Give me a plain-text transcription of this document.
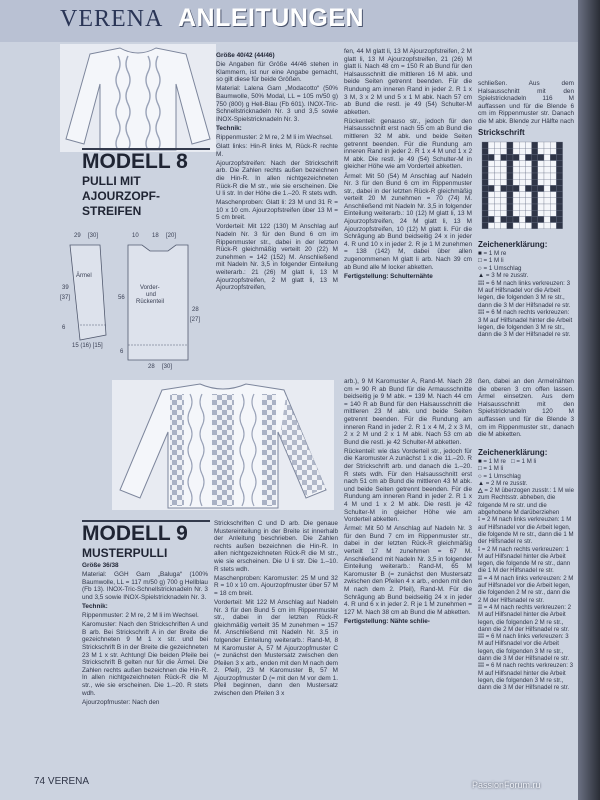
VERENA ANLEITUNGEN
MODELL 8
PULLI MIT
AJOURZOPF-
STREIFEN
29 [30]	10 18 [20]
Ärmel
39
[37]
6
15 (16) [15]
Vorder-
und
Rückenteil
56
28
[27]
6
28 [30]

Größe 40/42 (44/46)

Die Angaben für Größe 44/46 stehen in Klammern, ist nur eine Angabe gemacht, so gilt diese für beide Größen.

Material: Lalena Garn „Modacotto“ (50% Baumwolle, 50% Modal, LL = 105 m/50 g) 750 (800) g Hell-Blau (Fb 601). INOX-Tric-Schnellstricknadeln Nr. 3 und 3,5 sowie INOX-Spielstricknadeln Nr. 3.

Technik:

Rippenmuster: 2 M re, 2 M li im Wechsel.

Glatt links: Hin-R links M, Rück-R rechte M.

Ajourzopfstreifen: Nach der Strickschrift arb. Die Zahlen rechts außen bezeichnen die Hin-R. In allen nichtgezeichneten Rück-R die M str., wie sie erscheinen. Die U li str. In der Höhe die 1.–20. R stets wdh.

Maschenproben: Glatt li: 23 M und 31 R = 10 x 10 cm. Ajourzopfstreifen über 13 M = 5 cm breit.

Vorderteil: Mit 122 (130) M Anschlag auf Nadeln Nr. 3 für den Bund 6 cm im Rippenmuster str., dabei in der letzten Rück-R gleichmäßig verteilt 20 (22) M zunehmen = 142 (152) M. Anschließend mit Nadeln Nr. 3,5 in folgender Einteilung weiterarb.: 21 (26) M glatt li, 13 M Ajourzopfstreifen, 2 M glatt li, 13 M Ajourzopfstreifen,

fen, 44 M glatt li, 13 M Ajourzopfstreifen, 2 M glatt li, 13 M Ajourzopfstreifen, 21 (26) M glatt li. Nach 48 cm = 150 R ab Bund für den Halsausschnitt die mittleren 16 M abk. und beide Seiten getrennt beenden. Für die Rundung am inneren Rand in jeder 2. R 1 x 3 M, 3 x 2 M und 5 x 1 M abk. Nach 57 cm ab Bund die restl. je 49 (54) Schulter-M abketten.

Rückenteil: genauso str., jedoch für den Halsausschnitt erst nach 55 cm ab Bund die mittleren 32 M abk. und beide Seiten getrennt beenden. Für die Rundung am inneren Rand in jeder 2. R 1 x 4 M und 1 x 2 M abk. Die restl. je 49 (54) Schulter-M in gleicher Höhe wie am Vorderteil abketten.

Ärmel: Mit 50 (54) M Anschlag auf Nadeln Nr. 3 für den Bund 6 cm im Rippenmuster str., dabei in der letzten Rück-R gleichmäßig verteilt 20 M zunehmen = 70 (74) M. Anschließend mit Nadeln Nr. 3,5 in folgender Einteilung weiterarb.: 10 (12) M glatt li, 13 M Ajourzopfstreifen, 24 M glatt li, 13 M Ajourzopfstreifen, 10 (12) M glatt li. Für die Schrägung ab Bund beidseitig 24 x in jeder 4. R und 10 x in jeder 2. R je 1 M zunehmen = 138 (142) M, dabei über allen zugenommenen M glatt li arb. Nach 39 cm ab Bund alle M locker abketten.

Fertigstellung: Schulternähte

schließen. Aus dem Halsausschnitt mit den Spielstricknadeln 116 M auffassen und für die Blende 6 cm im Rippenmuster str. Danach die M abk. Blende zur Hälfte nach

Strickschrift
Zeichenerklärung:
■ = 1 M re
□ = 1 M li
○ = 1 Umschlag
▲ = 3 M re zusstr.
⁞⁞⁞ = 6 M nach links verkreuzen: 3 M auf Hilfsnadel vor die Arbeit legen, die folgenden 3 M re str., dann die 3 M der Hilfsnadel re str.
⁞⁞⁞ = 6 M nach rechts verkreuzen: 3 M auf Hilfsnadel hinter die Arbeit legen, die folgenden 3 M re str., dann die 3 M der Hilfsnadel re str.
MODELL 9
MUSTERPULLI

Größe 36/38

Material: GGH Garn „Baluga“ (100% Baumwolle, LL = 117 m/50 g) 700 g Hellblau (Fb 13). INOX-Tric-Schnellstricknadeln Nr. 3 und 3,5 sowie INOX-Spielstricknadeln Nr. 3.

Technik:

Rippenmuster: 2 M re, 2 M li im Wechsel.

Karomuster: Nach den Strickschriften A und B arb. Bei Strickschrift A in der Breite die gezeichneten 9 M 1 x str. und bei Strickschrift B in der Breite die gezeichneten 23 M 1 x str. Achtung! Die beiden Pfeile bei Strickschrift B gelten nur für die Ärmel. Die Zahlen rechts außen bezeichnen die Hin-R. In allen nichtgezeichneten Rück-R die M str., wie sie erscheinen. Die 1.–20. R stets wdh.

Ajourzopfmuster: Nach den

Strickschriften C und D arb. Die genaue Mustereinteilung in der Breite ist innerhalb der Anleitung beschrieben. Die Zahlen rechts außen bezeichnen die Hin-R. In allen nichtgezeichneten Rück-R die M str., wie sie erscheinen. Die U li str. Die 1.–10. R stets wdh.

Maschenproben: Karomuster: 25 M und 32 R = 10 x 10 cm. Ajourzopfmuster über 57 M = 18 cm breit.

Vorderteil: Mit 122 M Anschlag auf Nadeln Nr. 3 für den Bund 5 cm im Rippenmuster str., dabei in der letzten Rück-R gleichmäßig verteilt 35 M zunehmen = 157 M. Anschließend mit Nadeln Nr. 3,5 in folgender Einteilung weiterarb.: Rand-M, 8 M Karomuster A, 57 M Ajourzopfmuster C (= zunächst den Mustersatz zwischen den Pfeilen 3 x arb., enden mit den M nach dem 2. Pfeil), 23 M Karomuster B, 57 M Ajourzopfmuster D (= mit den M vor dem 1. Pfeil beginnen, dann den Mustersatz zwischen den Pfeilen 3 x

arb.), 9 M Karomuster A, Rand-M. Nach 28 cm = 90 R ab Bund für die Armausschnitte beidseitig je 9 M abk. = 139 M. Nach 44 cm = 140 R ab Bund für den Halsausschnitt die mittleren 23 M abk. und beide Seiten getrennt beenden. Für die Rundung am inneren Rand in jeder 2. R 1 x 4 M, 2 x 3 M, 2 x 2 M und 2 x 1 M abk. Nach 53 cm ab Bund die restl. je 42 Schulter-M abketten.

Rückenteil: wie das Vorderteil str., jedoch für die Karomuster A zunächst 1 x die 11.–20. R der Strickschrift arb. und danach die 1.–20. R stets wdh. Für den Halsausschnitt erst nach 51 cm ab Bund die mittleren 43 M abk. und beide Seiten getrennt beenden. Für die Rundung am inneren Rand in jeder 2. R 1 x 4 M und 1 x 2 M abk. Die restl. je 42 Schulter-M in gleicher Höhe wie am Vorderteil abketten.

Ärmel: Mit 50 M Anschlag auf Nadeln Nr. 3 für den Bund 7 cm im Rippenmuster str., dabei in der letzten Rück-R gleichmäßig verteilt 17 M zunehmen = 67 M. Anschließend mit Nadeln Nr. 3,5 in folgender Einteilung weiterarb.: Rand-M, 65 M Karomuster B (= zunächst den Mustersatz zwischen den Pfeilen 4 x arb., enden mit den M nach dem 2. Pfeil), Rand-M. Für die Schrägung ab Bund beidseitig 24 x in jeder 4. R und 6 x in jeder 2. R je 1 M zunehmen = 127 M. Nach 38 cm ab Bund die M abketten.

Fertigstellung: Nähte schlie-

ßen, dabei an den Ärmelnähten die oberen 3 cm offen lassen. Ärmel einsetzen. Aus dem Halsausschnitt mit den Spielstricknadeln 120 M auffassen und für die Blende 3 cm im Rippenmuster str., danach die M abketten.

Zeichenerklärung:
■ = 1 M re □ = 1 M li
□ = 1 M li
○ = 1 Umschlag
▲ = 2 M re zusstr.
△ = 2 M überzogen zusstr.: 1 M wie zum Rechtsstr. abheben, die folgende M re str. und die abgehobene M darüberziehen
⁞ = 2 M nach links verkreuzen: 1 M auf Hilfsnadel vor die Arbeit legen, die folgende M re str., dann die 1 M der Hilfsnadel re str.
⁞ = 2 M nach rechts verkreuzen: 1 M auf Hilfsnadel hinter die Arbeit legen, die folgende M re str., dann die 1 M der Hilfsnadel re str.
⁞⁞ = 4 M nach links verkreuzen: 2 M auf Hilfsnadel vor die Arbeit legen, die folgenden 2 M re str., dann die 2 M der Hilfsnadel re str.
⁞⁞ = 4 M nach rechts verkreuzen: 2 M auf Hilfsnadel hinter die Arbeit legen, die folgenden 2 M re str., dann die 2 M der Hilfsnadel re str.
⁞⁞⁞ = 6 M nach links verkreuzen: 3 M auf Hilfsnadel vor die Arbeit legen, die folgenden 3 M re str., dann die 3 M der Hilfsnadel re str.
⁞⁞⁞ = 6 M nach rechts verkreuzen: 3 M auf Hilfsnadel hinter die Arbeit legen, die folgenden 3 M re str., dann die 3 M der Hilfsnadel re str.
74 VERENA	PassionForum.ru
